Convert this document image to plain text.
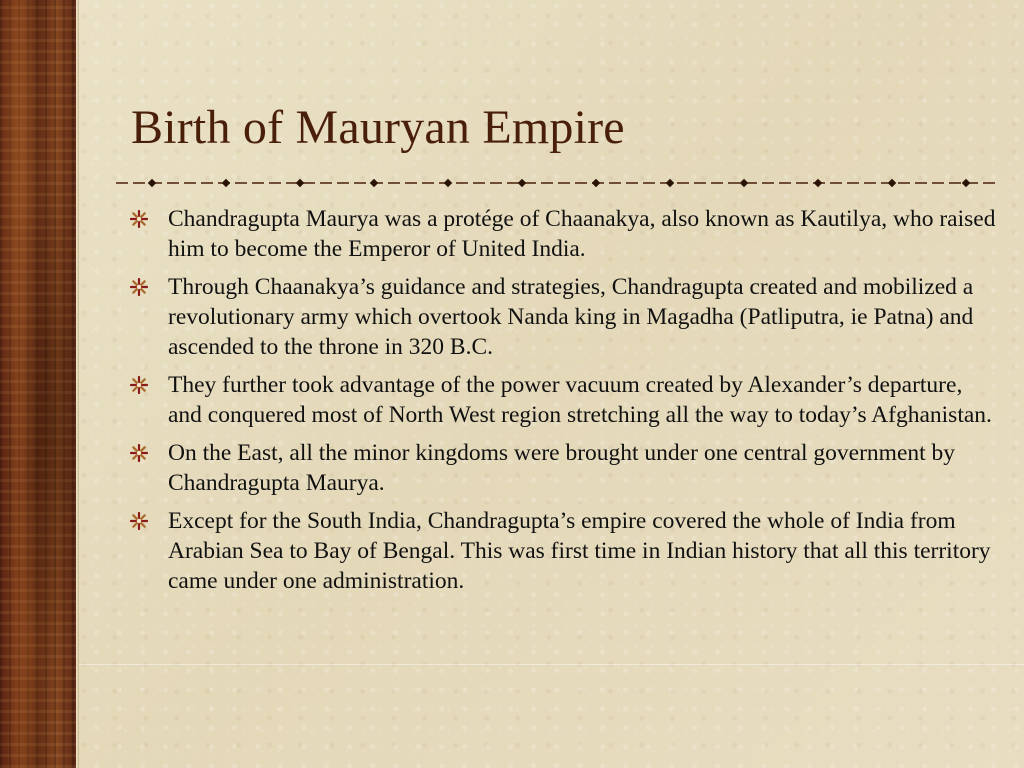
Birth of Mauryan Empire
Chandragupta Maurya was a protége of Chaanakya, also known as Kautilya, who raised him to become the Emperor of United India.
Through Chaanakya’s guidance and strategies, Chandragupta created and mobilized a revolutionary army which overtook Nanda king in Magadha (Patliputra, ie Patna) and ascended to the throne in 320 B.C.
They further took advantage of the power vacuum created by Alexander’s departure, and conquered most of North West region stretching all the way to today’s Afghanistan.
On the East, all the minor kingdoms were brought under one central government by Chandragupta Maurya.
Except for the South India, Chandragupta’s empire covered the whole of India from Arabian Sea to Bay of Bengal. This was first time in Indian history that all this territory came under one administration.
